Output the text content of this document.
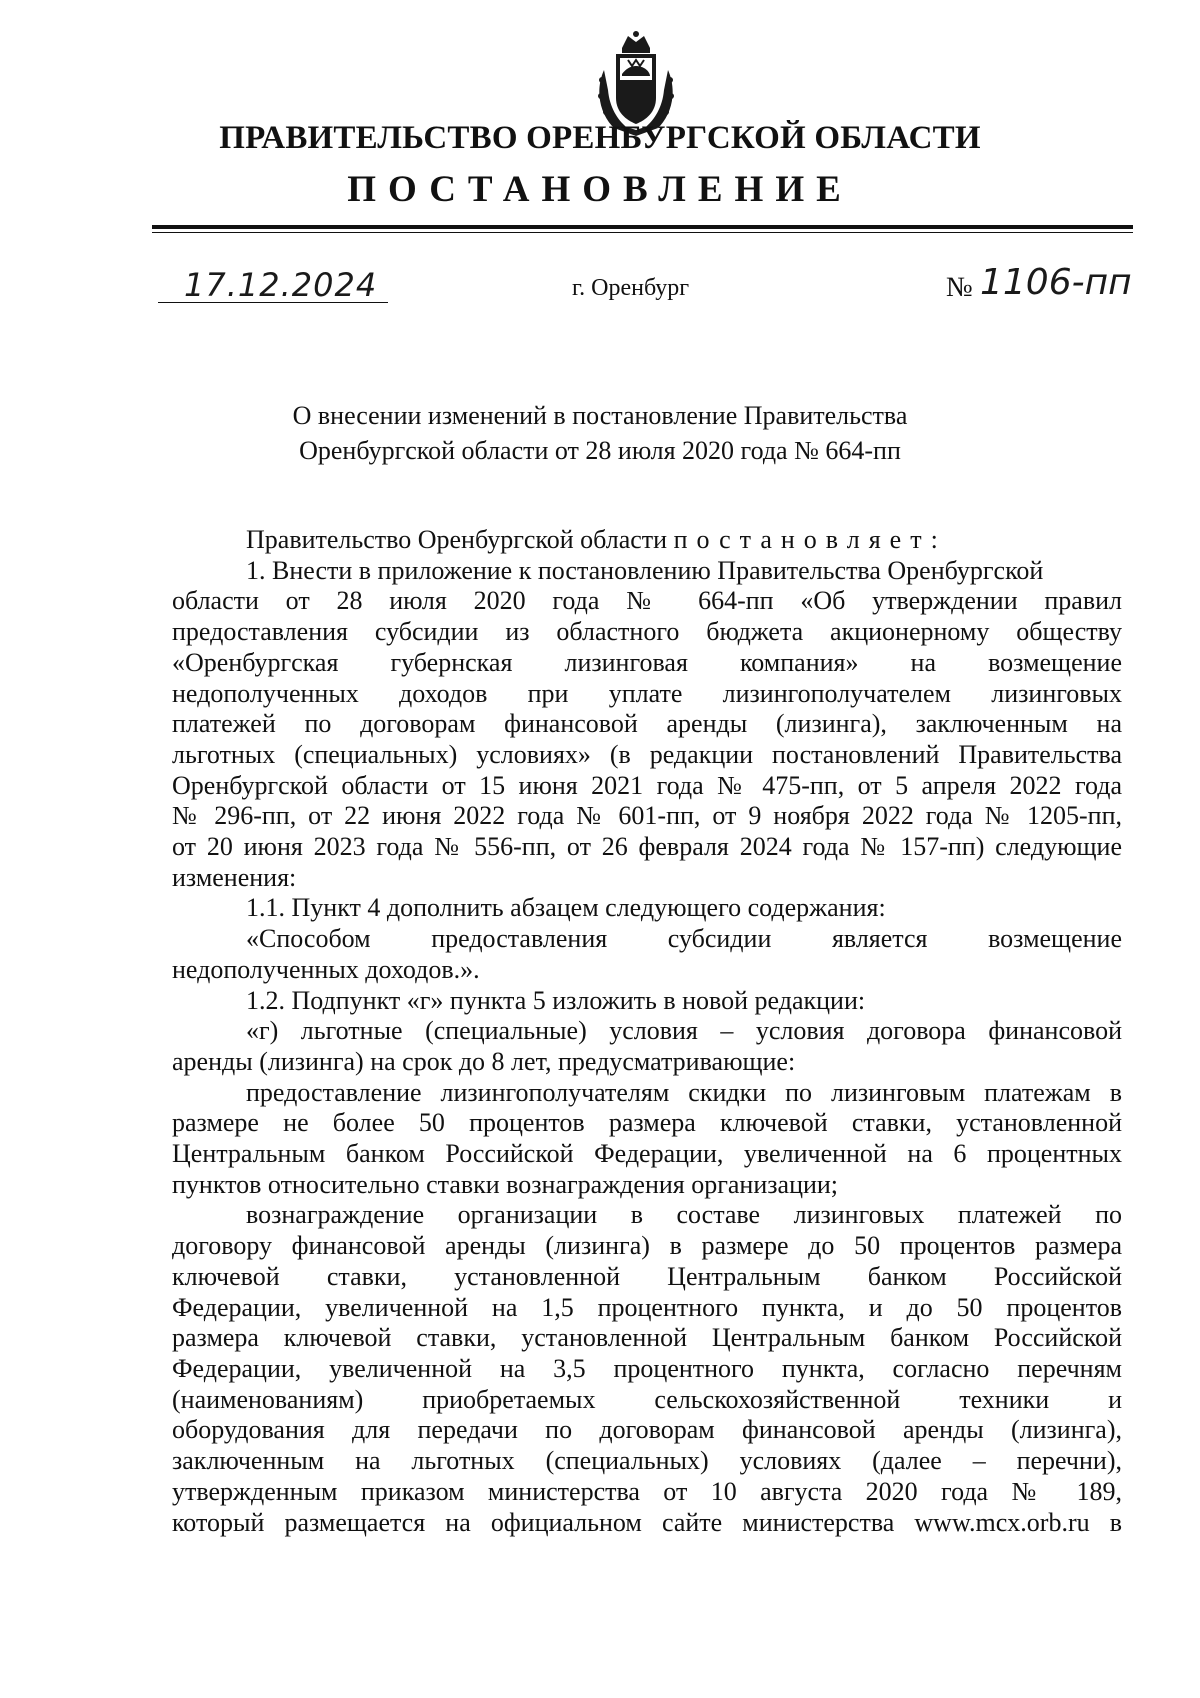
ПРАВИТЕЛЬСТВО ОРЕНБУРГСКОЙ ОБЛАСТИ
ПОСТАНОВЛЕНИЕ
17.12.2024	г. Оренбург	№ 1106-пп
О внесении изменений в постановление Правительства
Оренбургской области от 28 июля 2020 года № 664-пп
Правительство Оренбургской области постановляет:
1. Внести в приложение к постановлению Правительства Оренбургской
области от 28 июля 2020 года № 664-пп «Об утверждении правил
предоставления субсидии из областного бюджета акционерному обществу
«Оренбургская губернская лизинговая компания» на возмещение
недополученных доходов при уплате лизингополучателем лизинговых
платежей по договорам финансовой аренды (лизинга), заключенным на
льготных (специальных) условиях» (в редакции постановлений Правительства
Оренбургской области от 15 июня 2021 года № 475-пп, от 5 апреля 2022 года
№ 296-пп, от 22 июня 2022 года № 601-пп, от 9 ноября 2022 года № 1205-пп,
от 20 июня 2023 года № 556-пп, от 26 февраля 2024 года № 157-пп) следующие
изменения:
1.1. Пункт 4 дополнить абзацем следующего содержания:
«Способом предоставления субсидии является возмещение
недополученных доходов.».
1.2. Подпункт «г» пункта 5 изложить в новой редакции:
«г) льготные (специальные) условия – условия договора финансовой
аренды (лизинга) на срок до 8 лет, предусматривающие:
предоставление лизингополучателям скидки по лизинговым платежам в
размере не более 50 процентов размера ключевой ставки, установленной
Центральным банком Российской Федерации, увеличенной на 6 процентных
пунктов относительно ставки вознаграждения организации;
вознаграждение организации в составе лизинговых платежей по
договору финансовой аренды (лизинга) в размере до 50 процентов размера
ключевой ставки, установленной Центральным банком Российской
Федерации, увеличенной на 1,5 процентного пункта, и до 50 процентов
размера ключевой ставки, установленной Центральным банком Российской
Федерации, увеличенной на 3,5 процентного пункта, согласно перечням
(наименованиям) приобретаемых сельскохозяйственной техники и
оборудования для передачи по договорам финансовой аренды (лизинга),
заключенным на льготных (специальных) условиях (далее – перечни),
утвержденным приказом министерства от 10 августа 2020 года № 189,
который размещается на официальном сайте министерства www.mcx.orb.ru в
